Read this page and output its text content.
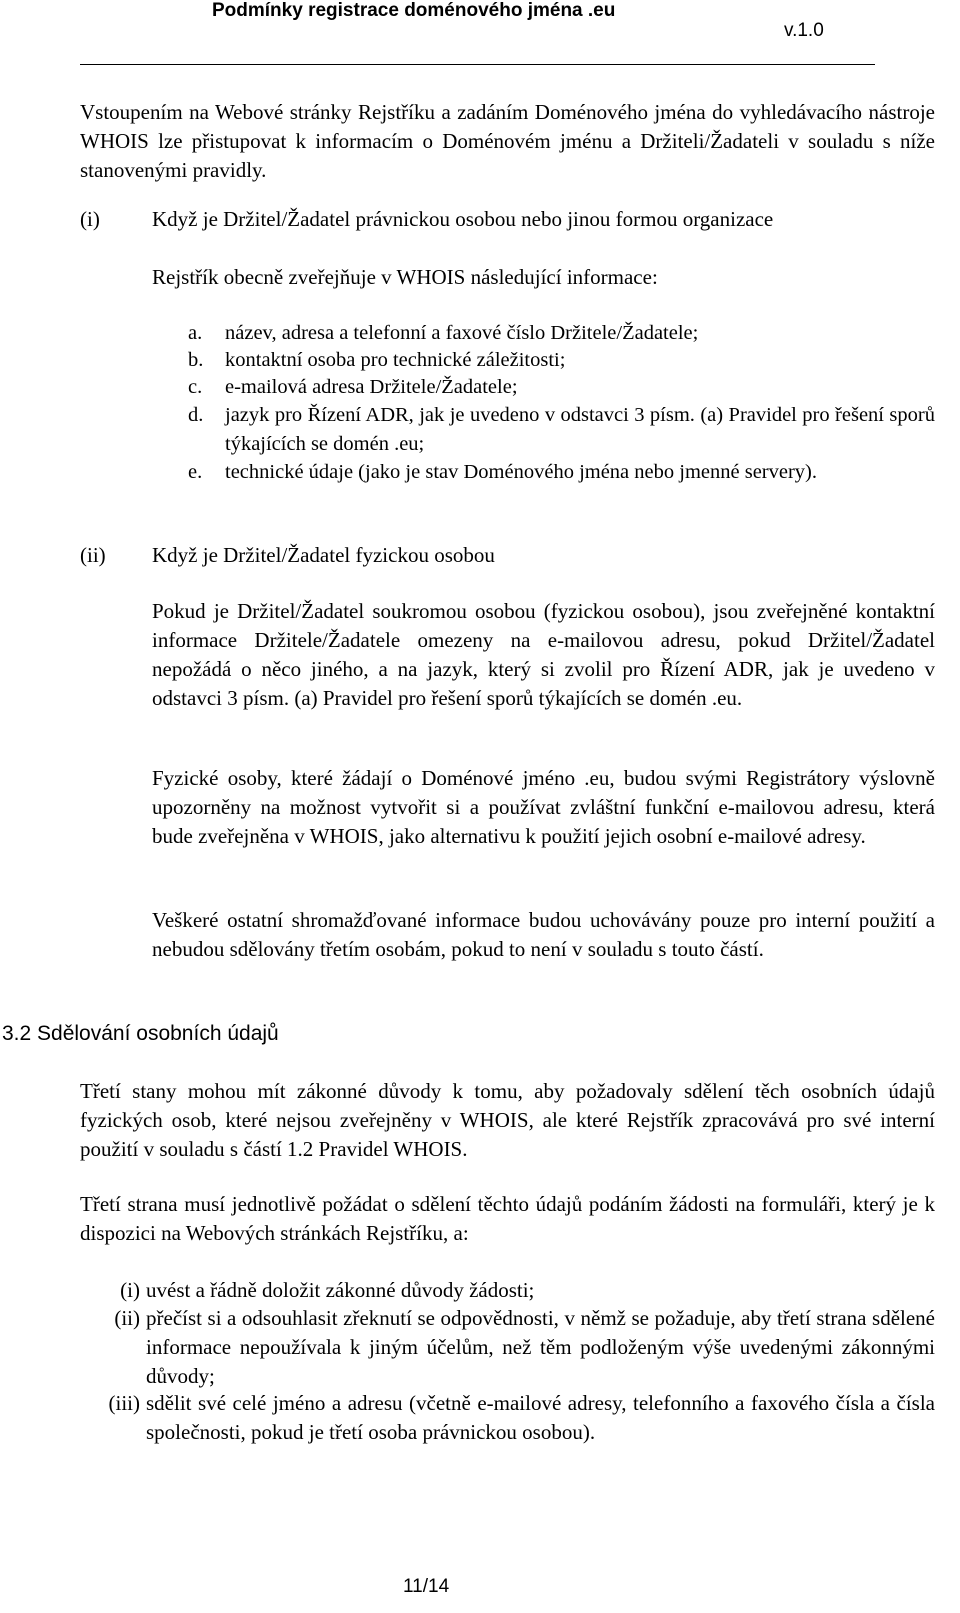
Podmínky registrace doménového jména .eu
v.1.0
Vstoupením na Webové stránky Rejstříku a zadáním Doménového jména do vyhledávacího nástroje WHOIS lze přistupovat k informacím o Doménovém jménu a Držiteli/Žadateli v souladu s níže stanovenými pravidly.
(i) Když je Držitel/Žadatel právnickou osobou nebo jinou formou organizace
Rejstřík obecně zveřejňuje v WHOIS následující informace:
a.	název, adresa a telefonní a faxové číslo Držitele/Žadatele;
b.	kontaktní osoba pro technické záležitosti;
c.	e-mailová adresa Držitele/Žadatele;
d.	jazyk pro Řízení ADR, jak je uvedeno v odstavci 3 písm. (a) Pravidel pro řešení sporů týkajících se domén .eu;
e.	technické údaje (jako je stav Doménového jména nebo jmenné servery).
(ii) Když je Držitel/Žadatel fyzickou osobou
Pokud je Držitel/Žadatel soukromou osobou (fyzickou osobou), jsou zveřejněné kontaktní informace Držitele/Žadatele omezeny na e-mailovou adresu, pokud Držitel/Žadatel nepožádá o něco jiného, a na jazyk, který si zvolil pro Řízení ADR, jak je uvedeno v odstavci 3 písm. (a) Pravidel pro řešení sporů týkajících se domén .eu.
Fyzické osoby, které žádají o Doménové jméno .eu, budou svými Registrátory výslovně upozorněny na možnost vytvořit si a používat zvláštní funkční e-mailovou adresu, která bude zveřejněna v WHOIS, jako alternativu k použití jejich osobní e-mailové adresy.
Veškeré ostatní shromažďované informace budou uchovávány pouze pro interní použití a nebudou sdělovány třetím osobám, pokud to není v souladu s touto částí.
3.2 Sdělování osobních údajů
Třetí stany mohou mít zákonné důvody k tomu, aby požadovaly sdělení těch osobních údajů fyzických osob, které nejsou zveřejněny v WHOIS, ale které Rejstřík zpracovává pro své interní použití v souladu s částí 1.2 Pravidel WHOIS.
Třetí strana musí jednotlivě požádat o sdělení těchto údajů podáním žádosti na formuláři, který je k dispozici na Webových stránkách Rejstříku, a:
(i) uvést a řádně doložit zákonné důvody žádosti;
(ii) přečíst si a odsouhlasit zřeknutí se odpovědnosti, v němž se požaduje, aby třetí strana sdělené informace nepoužívala k jiným účelům, než těm podloženým výše uvedenými zákonnými důvody;
(iii) sdělit své celé jméno a adresu (včetně e-mailové adresy, telefonního a faxového čísla a čísla společnosti, pokud je třetí osoba právnickou osobou).
11/14
